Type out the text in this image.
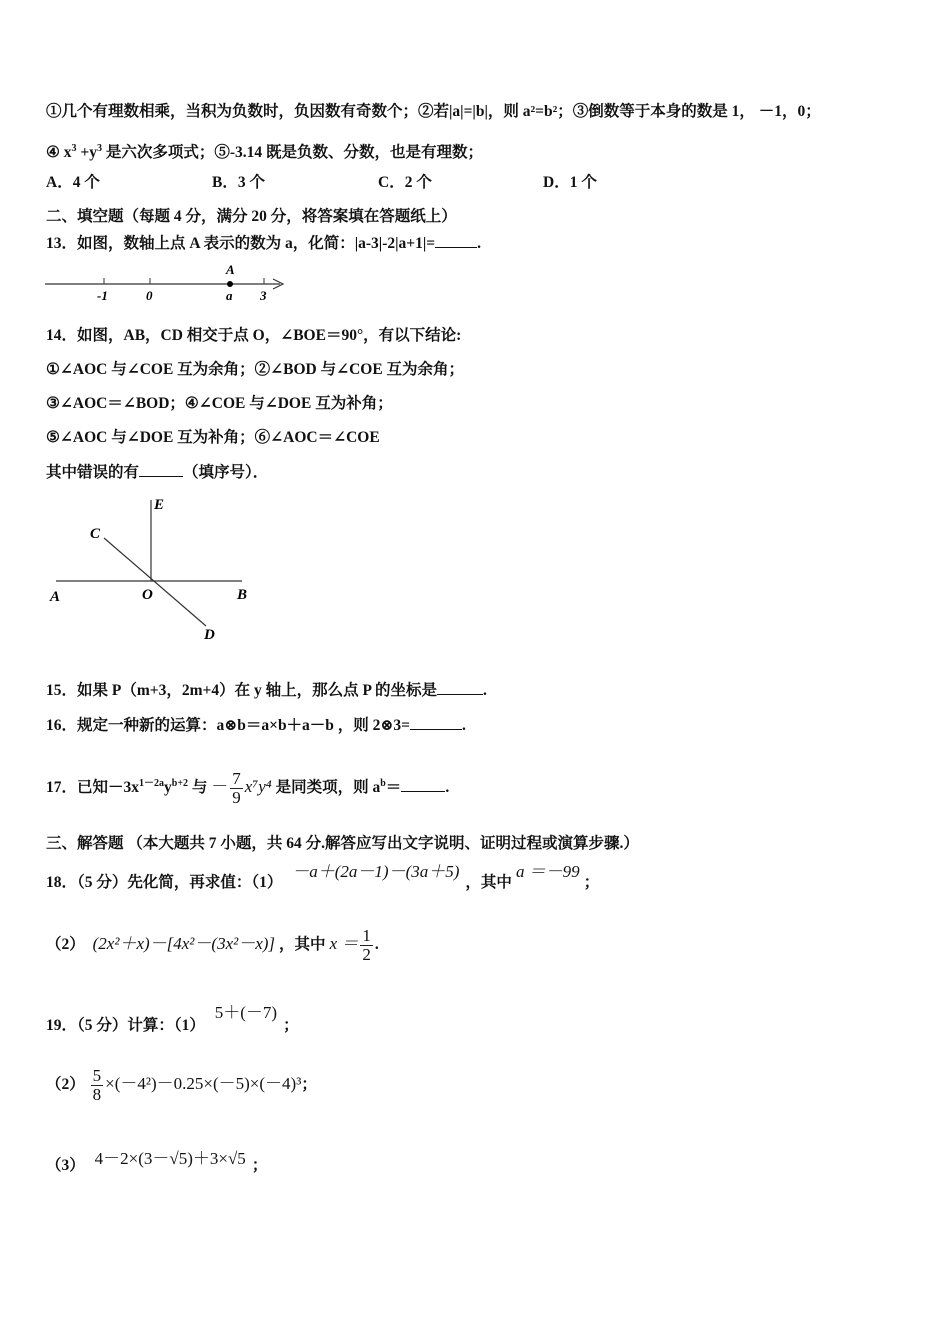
①几个有理数相乘，当积为负数时，负因数有奇数个；②若|a|=|b|，则 a²=b²；③倒数等于本身的数是 1， －1，0；
④ $x^3 +y^3$ 是六次多项式；⑤-3.14 既是负数、分数，也是有理数；
A．4 个	B．3 个	C．2 个	D．1 个
二、填空题（每题 4 分，满分 20 分，将答案填在答题纸上）
13．如图，数轴上点 A 表示的数为 a，化简：|a-3|-2|a+1|=	.
A
-1	0	a 3
14．如图，AB，CD 相交于点 O，∠BOE＝90°，有以下结论:
①∠AOC 与∠COE 互为余角；②∠BOD 与∠COE 互为余角；
③∠AOC＝∠BOD；④∠COE 与∠DOE 互为补角；
⑤∠AOC 与∠DOE 互为补角；⑥∠AOC＝∠COE
其中错误的有	（填序号）．
E
C
A	O	B
D
15．如果 P（m+3，2m+4）在 y 轴上，那么点 P 的坐标是	.
16．规定一种新的运算：a⊗b＝a×b＋a－b ，则 2⊗3=	.
17．已知$-3x^{1-2a}y^{b+2}$ 与 － $\frac{7}{9} x^7y^4$ 是同类项，则 $a^b=$	.
三、解答题 （本大题共 7 小题，共 64 分.解答应写出文字说明、证明过程或演算步骤.）
18．（5 分）先化简，再求值：（1） －a＋(2a－1)－(3a＋5)，其中a ＝－99；
（2） (2x²＋x)－[4x²－(3x²－x)] ，其中 $x = \frac{1}{2}$ .
19．（5 分）计算：（1） 5＋(－7)；
$(2) \frac{5}{8} \times(-4^2)-0.25\times(-5)\times(-4)^3$；
（3） 4－2×(3－√5)＋3×√5 ；
